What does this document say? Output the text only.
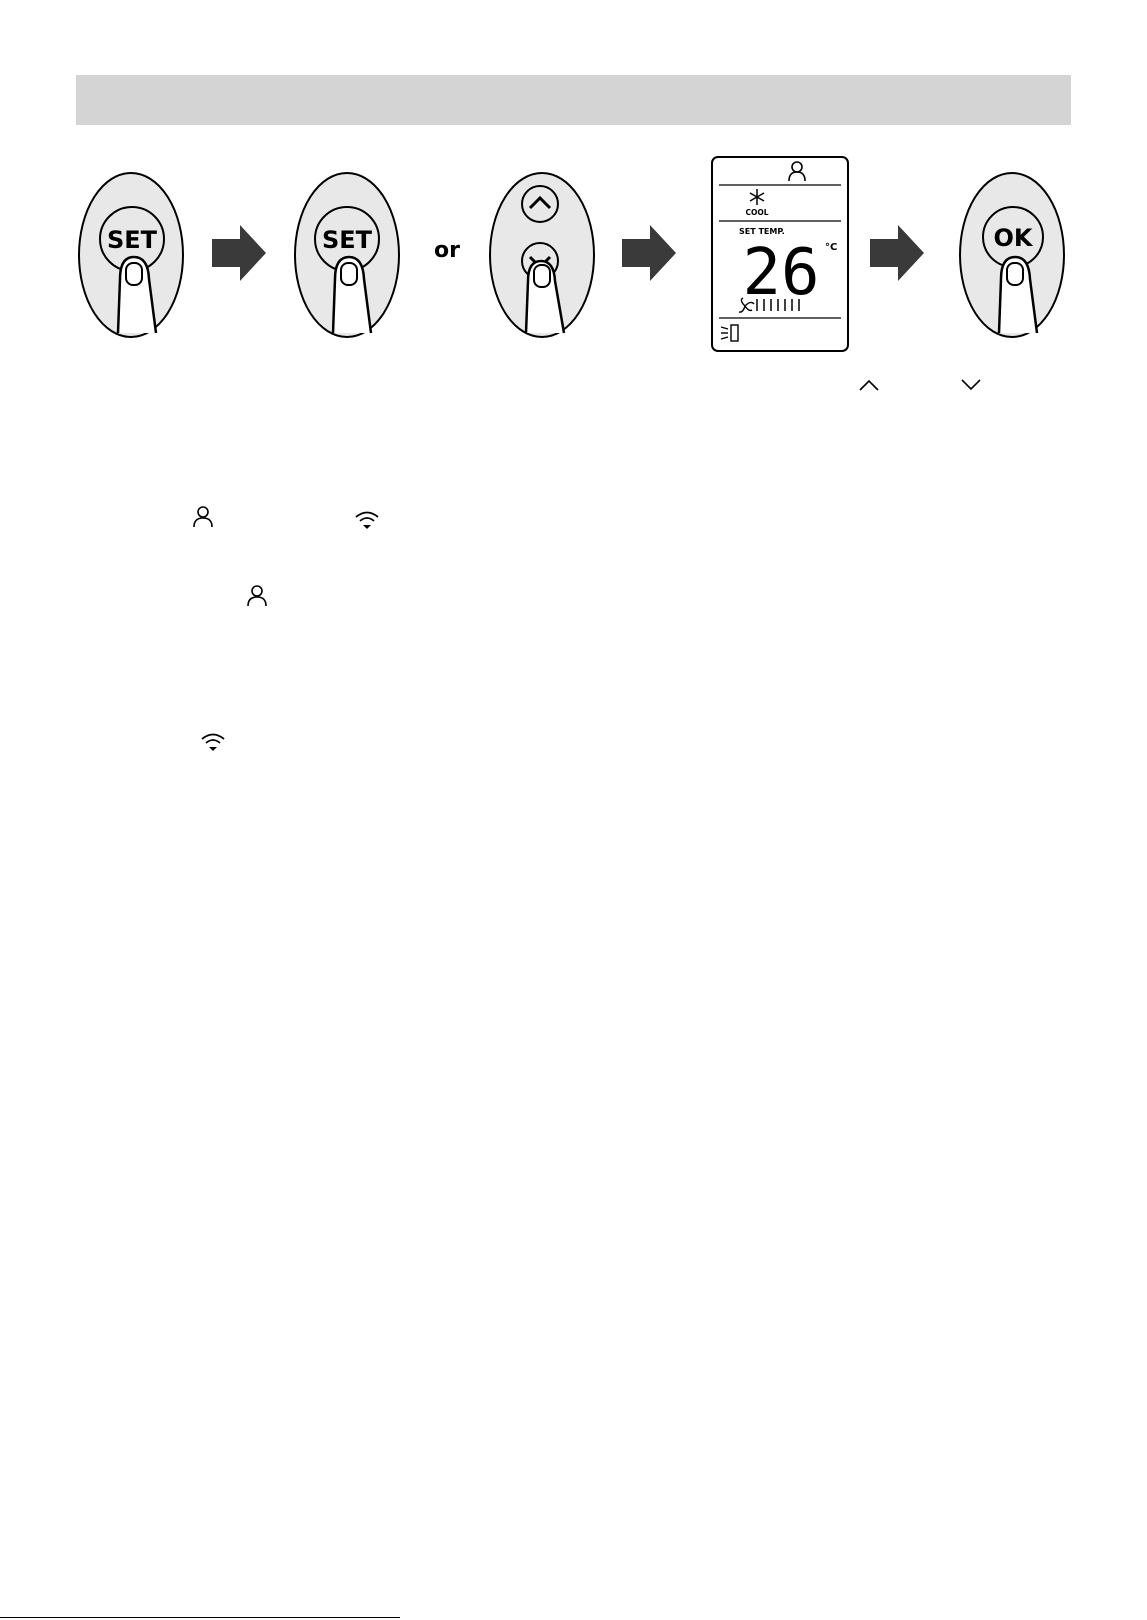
SET	SET	or
COOL
SET TEMP.
26 °C	OK
